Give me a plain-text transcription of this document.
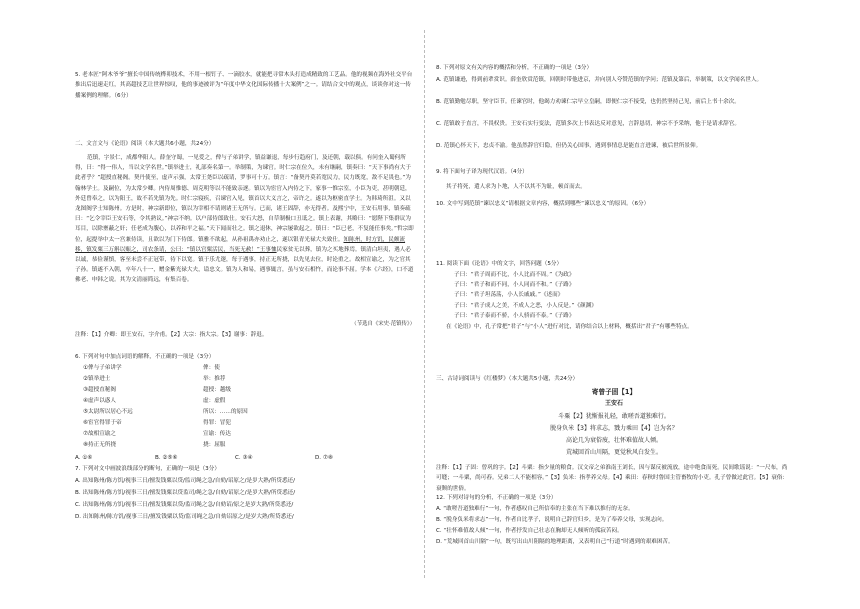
5. 老本匠“阿木爷爷”擅长中国传统榫卯技术，不用一根钉子、一滴胶水，就能把寻常木头打造成精致的工艺品。他的视频在海外社交平台推出后迅速走红，其高超技艺让世界惊叹，他的事迹被评为“年度中华文化国际传播十大案例”之一。请结合文中的观点，谈谈你对这一传播案例的理解。（6分）

二、文言文与《论语》阅读（本大题共6小题，共24分）

范镇，字景仁，成都华阳人。薛奎守蜀，一见爱之，俾与子弟讲学，镇益谦退，每步行趋府门，及还朝，载以俱。有问奎入蜀何所得，曰：“得一伟人，当以文学名世。”镇举进士，礼部奏名第一。举制策，为谏官。时仁宗在位久，未有继嗣，镇奏曰：“天下事尚有大于此者乎？”超授直秘阁。契丹使至，虚声示强，太常王尧臣以疏请，罗事可十万。镇言：“备契丹莫若宽民力，民力既宽，敌不足畏也。”为翰林学士。及嗣位，为太常少卿。内侍周惟德、周克明等以不能致亲逐。镇以为宦官入内侍之下，家事一惟宗室，小臣为吏，甚明朝廷，外廷曾奉之，以为阳王，故不若先镇为先。时仁宗寝疾，召谏官入见，镇首以大义言之，帝许之。遂以为枢密直学士。为韩琦所沮。又以龙图阁学士知陈州。方是时，神宗新即位，镇以为宰相不请则诸王无所与。已而，诸王固辞，亦无得者。及熙宁中，王安石用事，镇奏疏曰：“乞令宰臣王安石等，令其熟议。”神宗不纳。以户部侍郎致仕。安石大怒，自草制极口丑诋之。镇上表谢，其略曰：“愿陛下集群议为耳目，以除壅蔽之奸；任老成为腹心，以养和平之福。”天下闻而壮之。镇之退休，神宗屡欲起之。镇曰：“臣已老，不复能任事矣。”哲宗即位，起提举中太一宫兼侍读，且欲以为门下侍郎。镇雅不欲起，从孙祖禹亦劝止之，遂以银青光禄大夫致仕。知陈州，时方饥，民颇流移，镇发粟三万斛以赈之，司农条请，公曰：“镇以官粟活民，当死无赦！”王事恤民家贫无以葬，镇为之买地葬焉。镇清白坦夷，遇人必以诚，恭俭谨慎，客至未尝不正冠带，待下以宽。镇于乐尤邃，每于遇事，持正无所挠，以先见去位，时论重之。故相宣谕之，为之官其子孙。镇遂不入朝，卒年八十一，赠金紫光禄大夫，谥忠文。镇为人和易，遇事辄言，虽与安石相忤，而论事不屈。学本《六经》，口不道佛老、申韩之说。其为文清丽简远，有集百卷。

（节选自《宋史·范镇传》）

注释：【1】介卿：即王安石，字介甫。【2】大宗：指大宗。【3】谢事：辞退。

6. 下列对句中加点词语的解释，不正确的一项是（3分）

①俾与子弟讲学	俾：使
②镇举进士	举：推荐
③超授直秘阁	超授：越级
④虚声以惑人	虚：虚假
⑤太尉所以居心不远	所以：……的原因
⑥宦官得罪于帝	得罪：冒犯
⑦故相宣谕之	宣谕：传达
⑧持正无所挠	挠：屈服
A. ①⑥	B. ②⑤⑥	C. ③④	D. ⑦⑧

7. 下列对文中画波浪线部分的断句，正确的一项是（3分）

A. 出知陈州/陈方饥/视事三日/擅发钱粟以贷/监司绳之急/自劾/诏原之/是岁大熟/所贷悉还/

B. 出知陈州/陈方饥/视事三日/擅发钱粟以贷监司/绳之急/自劾/诏原之/是岁大熟/所贷悉还/

C. 出知陈州/陈方饥/视事三日/擅发钱粟以贷/监司绳之急/自劾诏/原之是岁大熟/所贷悉还/

D. 出知陈州/陈方饥/视事三日/擅发钱粟以贷/监司绳之急/自劾诏原之/是岁大熟/所贷悉还/

8. 下列对原文有关内容的概括和分析，不正确的一项是（3分）

A. 范镇谦逊，得到前辈赏识。薛奎欣赏范镇，回朝时带他进京，并向别人夸赞范镇的学问；范镇及第后，举制策，以文学闻名世人。

B. 范镇勤勉尽职，坚守臣节。任谏官时，他竭力劝谏仁宗早立皇嗣，即便仁宗不接受，也仍然坚持己见，前后上书十余次。

C. 范镇敢于直言，不畏权贵。王安石实行变法，范镇多次上书表达反对意见，言辞恳切，神宗不予采纳，他于是请求辞官。

D. 范镇心怀天下，忠贞不渝。他虽然辞官归隐，但仍关心国事，遇到事情总是能直言进谏，被后世所景仰。

9. 将下面句子译为现代汉语。（4分）

其子将死，遣人求为卜地，人不以其不为耻，顿首而去。

10. 文中写到范镇“谏以忠义”请根据文章内容，概括到哪些“谏以忠义”的原因。（6分）

11. 阅读下面《论语》中的文字，回答问题（5分）

子曰：“君子周而不比，小人比而不周。”《为政》

子曰：“君子和而不同，小人同而不和。”《子路》

子曰：“君子坦荡荡，小人长戚戚。”《述而》

子曰：“君子成人之美，不成人之恶，小人反是。”《颜渊》

子曰：“君子泰而不骄，小人骄而不泰。”《子路》

在《论语》中，孔子常把“君子”与“小人”进行对比，请你结合以上材料，概括出“君子”有哪些特点。

三、古诗词阅读与《红楼梦》（本大题共5小题，共24分）

寄曾子固【1】

王安石

斗粟【2】犹惭报礼轻，敢嗟吾道独难行。

脱身负米【3】将求志，戮力乘田【4】岂为名？

高论几为衰俗废，壮怀难值故人倾。

荒城回首山川隔，更觉秋风白发生。

注释：【1】子固：曾巩的字。【2】斗粟：指少量的粮食。汉文帝之弟淮南王刘长，因与谋反被流放，途中绝食而死。民间歌谣说：“一尺布，尚可缝；一斗粟，尚可舂。兄弟二人不能相容。”【3】负米：指孝养父母。【4】乘田：春秋时鲁国主管畜牧的小吏。孔子曾做过此官。【5】衰俗：衰颓的世俗。

12. 下列对诗句的分析，不正确的一项是（3分）

A. “敢嗟吾道独难行”一句，作者感叹自己所信奉的主张在当下难以推行的无奈。

B. “脱身负米将求志”一句，作者自比孝子，说明自己辞官归乡，是为了奉养父母，实现志向。

C. “壮怀难值故人倾”一句，作者抒发自己壮志在胸却无人倾听的孤寂苦闷。

D. “荒城回首山川隔”一句，既写出山川阻隔的地理距离，又表明自己“行道”时遇到的艰难困苦。
